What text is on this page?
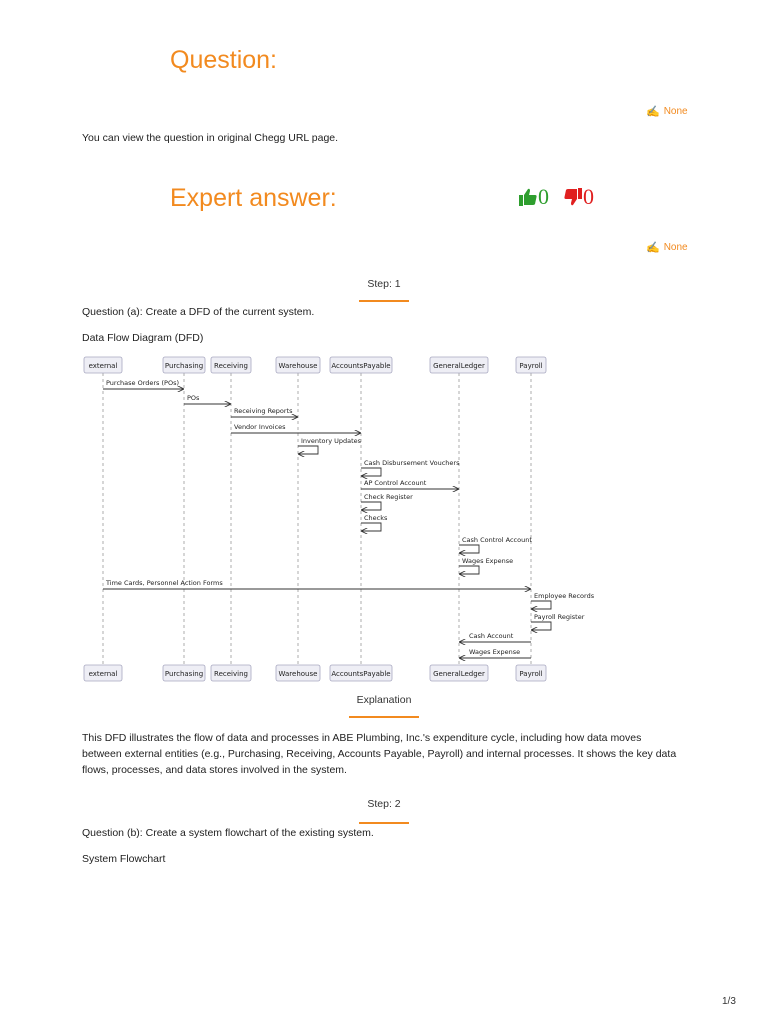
Question:
✍ None
You can view the question in original Chegg URL page.
Expert answer:	0 0
✍ None
Step: 1
Question (a): Create a DFD of the current system.
Data Flow Diagram (DFD)
external	Purchasing Receiving	Warehouse AccountsPayable	GeneralLedger	Payroll
external	Purchasing Receiving	Warehouse AccountsPayable	GeneralLedger	Payroll
Purchase Orders (POs)
POs
Receiving Reports
Vendor Invoices
Inventory Updates
Cash Disbursement Vouchers
AP Control Account
Check Register
Checks
Cash Control Account
Wages Expense
Time Cards, Personnel Action Forms
Employee Records
Payroll Register
Cash Account
Wages Expense
Explanation
This DFD illustrates the flow of data and processes in ABE Plumbing, Inc.'s expenditure cycle, including how data moves between external entities (e.g., Purchasing, Receiving, Accounts Payable, Payroll) and internal processes. It shows the key data flows, processes, and data stores involved in the system.
Step: 2
Question (b): Create a system flowchart of the existing system.
System Flowchart
1/3
